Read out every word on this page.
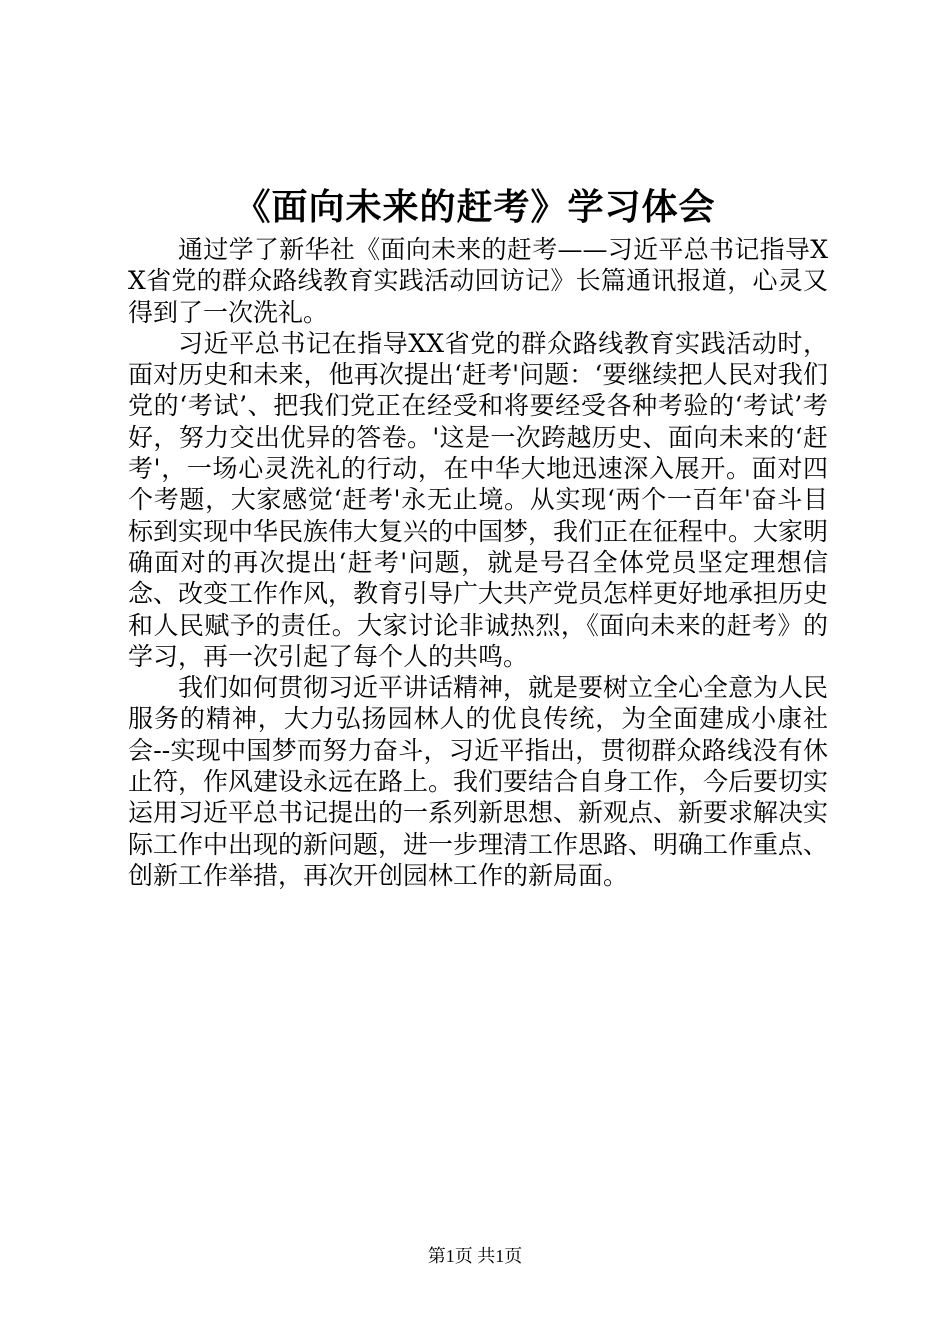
《面向未来的赶考》学习体会

通过学了新华社《面向未来的赶考——习近平总书记指导XX省党的群众路线教育实践活动回访记》长篇通讯报道，心灵又得到了一次洗礼。

习近平总书记在指导XX省党的群众路线教育实践活动时，面对历史和未来，他再次提出‘赶考'问题：‘要继续把人民对我们党的‘考试’、把我们党正在经受和将要经受各种考验的‘考试’考好，努力交出优异的答卷。'这是一次跨越历史、面向未来的‘赶考'，一场心灵洗礼的行动，在中华大地迅速深入展开。面对四个考题，大家感觉‘赶考'永无止境。从实现‘两个一百年'奋斗目标到实现中华民族伟大复兴的中国梦，我们正在征程中。大家明确面对的再次提出‘赶考'问题，就是号召全体党员坚定理想信念、改变工作作风，教育引导广大共产党员怎样更好地承担历史和人民赋予的责任。大家讨论非诚热烈，《面向未来的赶考》的学习，再一次引起了每个人的共鸣。

我们如何贯彻习近平讲话精神，就是要树立全心全意为人民服务的精神，大力弘扬园林人的优良传统，为全面建成小康社会--实现中国梦而努力奋斗，习近平指出，贯彻群众路线没有休止符，作风建设永远在路上。我们要结合自身工作，今后要切实运用习近平总书记提出的一系列新思想、新观点、新要求解决实际工作中出现的新问题，进一步理清工作思路、明确工作重点、创新工作举措，再次开创园林工作的新局面。

第1页 共1页
